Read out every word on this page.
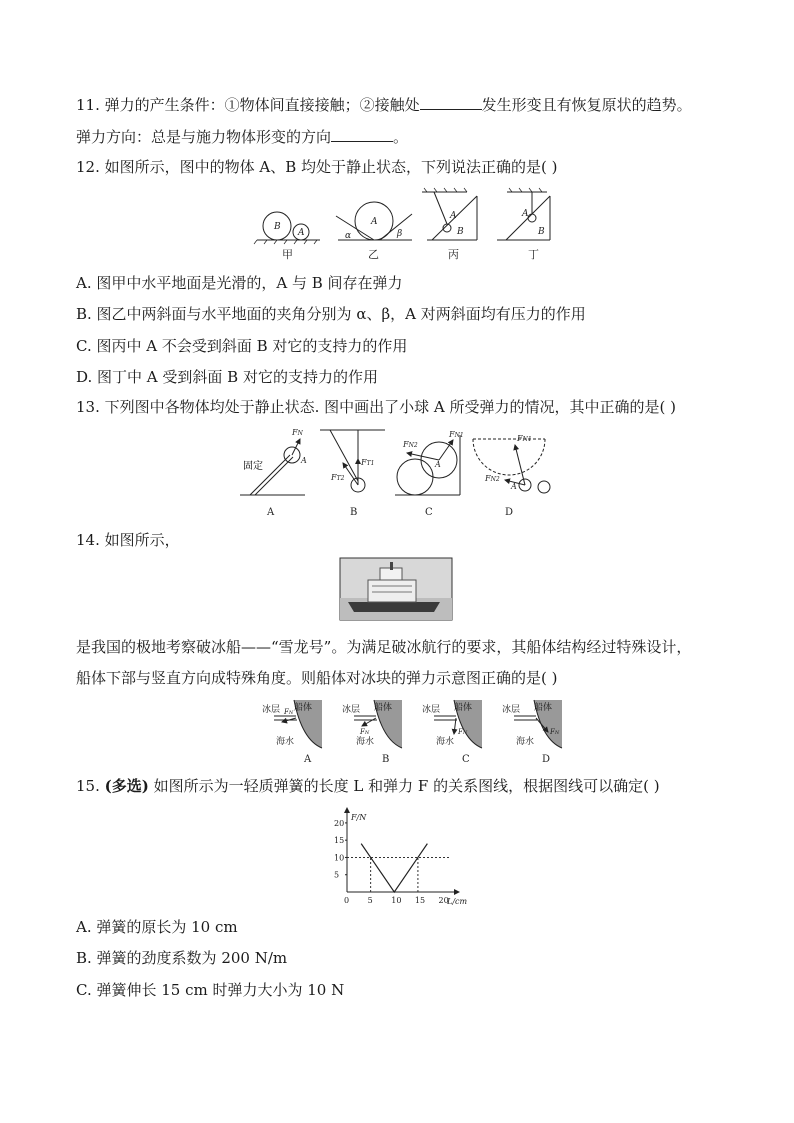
11. 弹力的产生条件：①物体间直接接触；②接触处	发生形变且有恢复原状的趋势。
弹力方向：总是与施力物体形变的方向	。
12. 如图所示，图中的物体 A、B 均处于静止状态，下列说法正确的是( )
B
A
A
α	β
A
B
A
B
甲	乙	丙	丁
A. 图甲中水平地面是光滑的，A 与 B 间存在弹力
B. 图乙中两斜面与水平地面的夹角分别为 α、β，A 对两斜面均有压力的作用
C. 图丙中 A 不会受到斜面 B 对它的支持力的作用
D. 图丁中 A 受到斜面 B 对它的支持力的作用
13. 下列图中各物体均处于静止状态. 图中画出了小球 A 所受弹力的情况，其中正确的是( )
FN
A	FT1
FT2
FN1
FN2
A
FN1
FN2
A
固定
A	B	C	D
14. 如图所示，
是我国的极地考察破冰船——“雪龙号”。为满足破冰航行的要求，其船体结构经过特殊设计，
船体下部与竖直方向成特殊角度。则船体对冰块的弹力示意图正确的是( )
冰层 船体
海水
冰层 船体
海水
冰层 船体
海水
冰层 船体
海水
FN
FN	FN	FN
A	B	C	D
15. (多选) 如图所示为一轻质弹簧的长度 L 和弹力 F 的关系图线，根据图线可以确定( )
0 5 10 15 20
5
10
15
20
F/N
L/cm
A. 弹簧的原长为 10 cm
B. 弹簧的劲度系数为 200 N/m
C. 弹簧伸长 15 cm 时弹力大小为 10 N
